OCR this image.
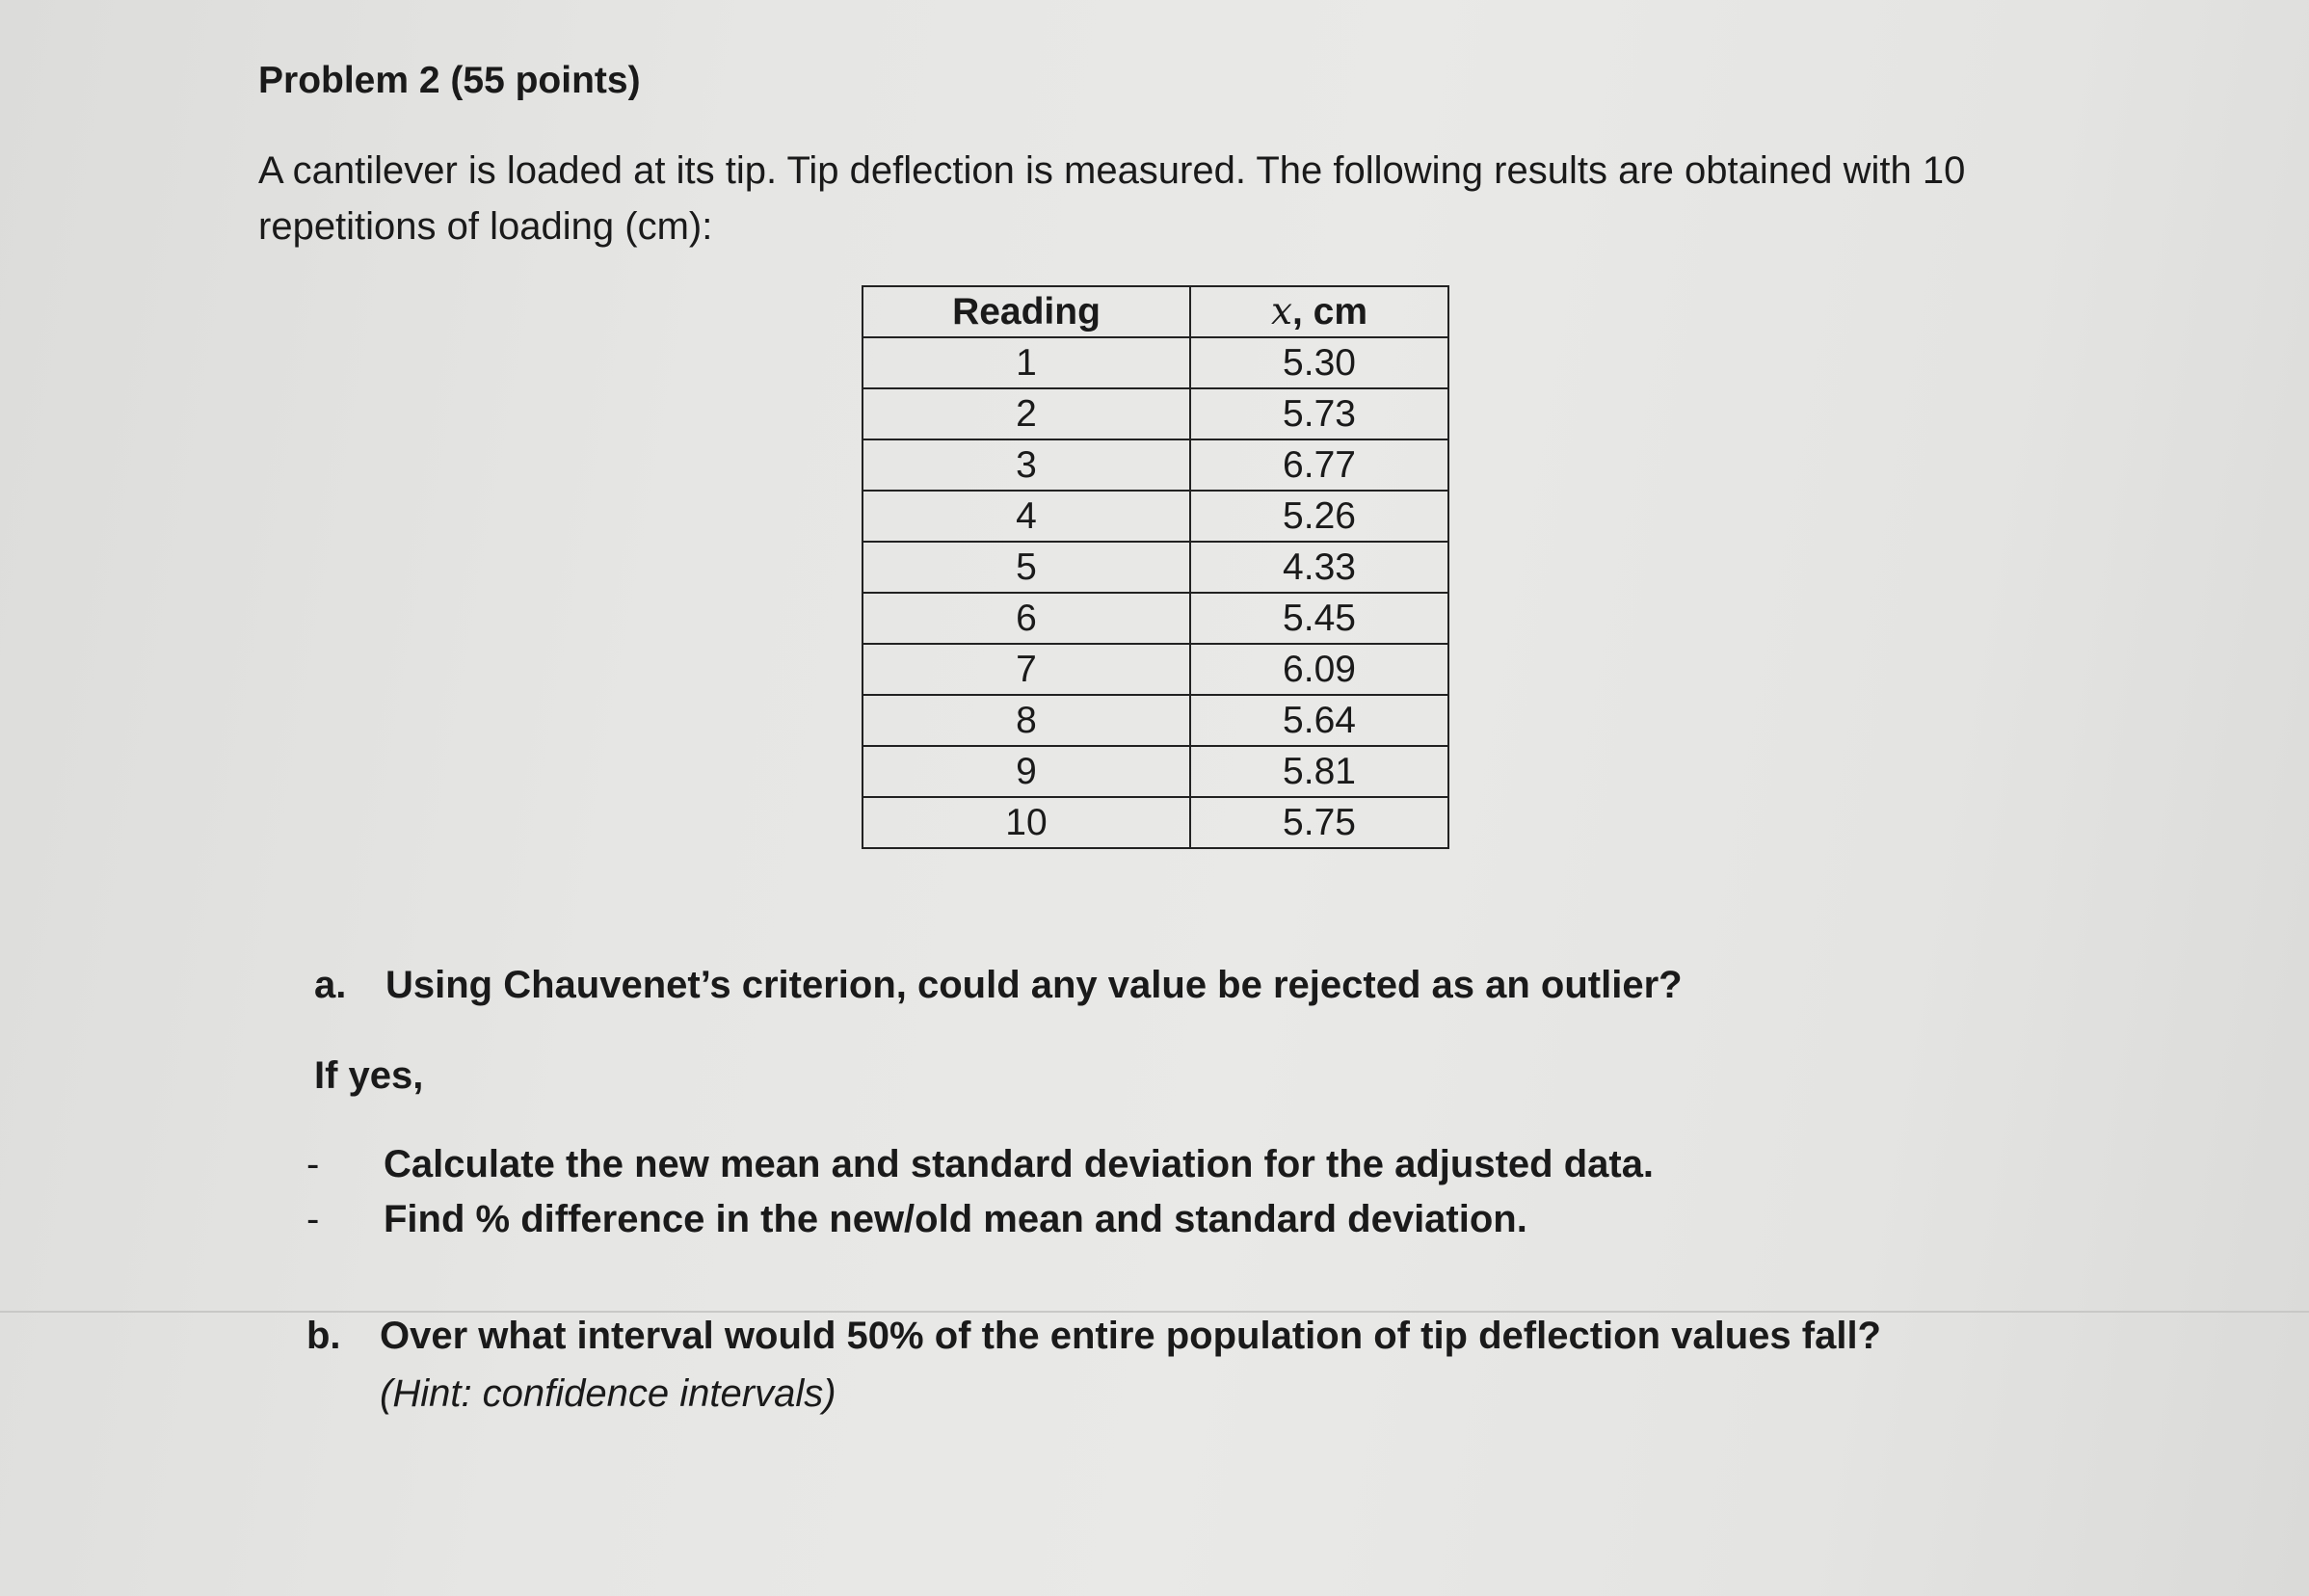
Problem 2 (55 points)
A cantilever is loaded at its tip. Tip deflection is measured. The following results are obtained with 10
repetitions of loading (cm):
Reading	x, cm
1	5.30
2	5.73
3	6.77
4	5.26
5	4.33
6	5.45
7	6.09
8	5.64
9	5.81
10	5.75
a. Using Chauvenet’s criterion, could any value be rejected as an outlier?
If yes,
- Calculate the new mean and standard deviation for the adjusted data.
- Find % difference in the new/old mean and standard deviation.
b. Over what interval would 50% of the entire population of tip deflection values fall?
(Hint: confidence intervals)
